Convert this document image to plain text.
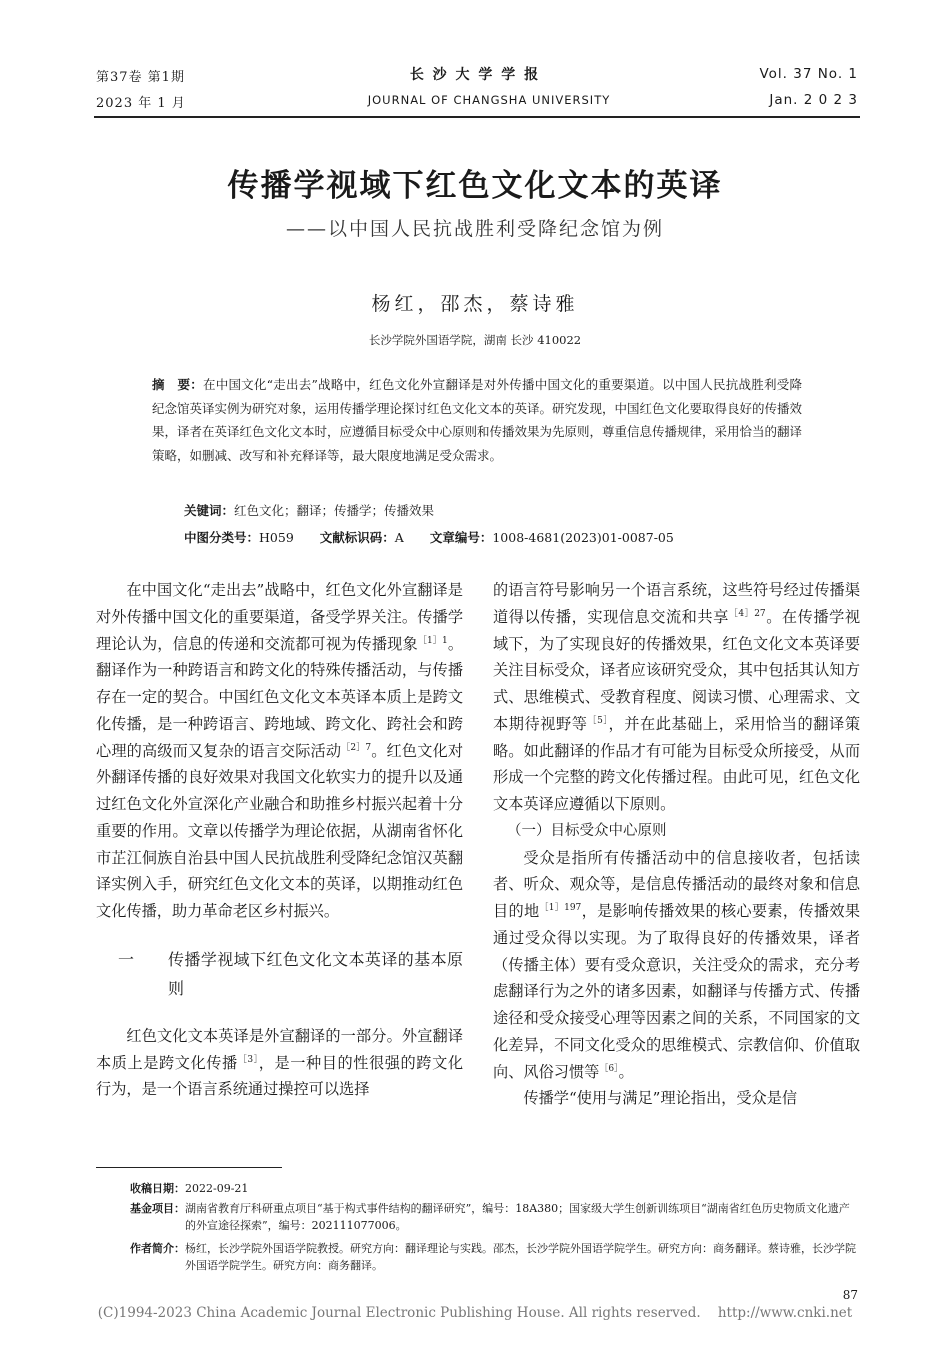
第37卷 第1期
2023 年 1 月
长 沙 大 学 学 报
JOURNAL OF CHANGSHA UNIVERSITY
Vol. 37 No. 1
Jan. 2 0 2 3
传播学视域下红色文化文本的英译
——以中国人民抗战胜利受降纪念馆为例
杨红，邵杰，蔡诗雅
长沙学院外国语学院，湖南 长沙 410022
摘　要：在中国文化“走出去”战略中，红色文化外宣翻译是对外传播中国文化的重要渠道。以中国人民抗战胜利受降纪念馆英译实例为研究对象，运用传播学理论探讨红色文化文本的英译。研究发现，中国红色文化要取得良好的传播效果，译者在英译红色文化文本时，应遵循目标受众中心原则和传播效果为先原则，尊重信息传播规律，采用恰当的翻译策略，如删减、改写和补充释译等，最大限度地满足受众需求。
关键词：红色文化；翻译；传播学；传播效果
中图分类号：H059 文献标识码：A 文章编号：1008-4681(2023)01-0087-05

在中国文化“走出去”战略中，红色文化外宣翻译是对外传播中国文化的重要渠道，备受学界关注。传播学理论认为，信息的传递和交流都可视为传播现象$^{[1]1}$。翻译作为一种跨语言和跨文化的特殊传播活动，与传播存在一定的契合。中国红色文化文本英译本质上是跨文化传播，是一种跨语言、跨地域、跨文化、跨社会和跨心理的高级而又复杂的语言交际活动$^{[2]7}$。红色文化对外翻译传播的良好效果对我国文化软实力的提升以及通过红色文化外宣深化产业融合和助推乡村振兴起着十分重要的作用。文章以传播学为理论依据，从湖南省怀化市芷江侗族自治县中国人民抗战胜利受降纪念馆汉英翻译实例入手，研究红色文化文本的英译，以期推动红色文化传播，助力革命老区乡村振兴。

一	传播学视域下红色文化文本英译的基本原则

红色文化文本英译是外宣翻译的一部分。外宣翻译本质上是跨文化传播$^{[3]}$，是一种目的性很强的跨文化行为，是一个语言系统通过操控可以选择

的语言符号影响另一个语言系统，这些符号经过传播渠道得以传播，实现信息交流和共享$^{[4]27}$。在传播学视域下，为了实现良好的传播效果，红色文化文本英译要关注目标受众，译者应该研究受众，其中包括其认知方式、思维模式、受教育程度、阅读习惯、心理需求、文本期待视野等$^{[5]}$，并在此基础上，采用恰当的翻译策略。如此翻译的作品才有可能为目标受众所接受，从而形成一个完整的跨文化传播过程。由此可见，红色文化文本英译应遵循以下原则。

（一）目标受众中心原则

受众是指所有传播活动中的信息接收者，包括读者、听众、观众等，是信息传播活动的最终对象和信息目的地$^{[1]197}$，是影响传播效果的核心要素，传播效果通过受众得以实现。为了取得良好的传播效果，译者（传播主体）要有受众意识，关注受众的需求，充分考虑翻译行为之外的诸多因素，如翻译与传播方式、传播途径和受众接受心理等因素之间的关系，不同国家的文化差异，不同文化受众的思维模式、宗教信仰、价值取向、风俗习惯等$^{[6]}$。

传播学“使用与满足”理论指出，受众是信

收稿日期：2022-09-21
基金项目： 湖南省教育厅科研重点项目“基于构式事件结构的翻译研究”，编号：18A380；国家级大学生创新训练项目“湖南省红色历史物质文化遗产的外宣途径探索”，编号：202111077006。
作者简介： 杨红，长沙学院外国语学院教授。研究方向：翻译理论与实践。邵杰，长沙学院外国语学院学生。研究方向：商务翻译。蔡诗雅，长沙学院外国语学院学生。研究方向：商务翻译。
87
(C)1994-2023 China Academic Journal Electronic Publishing House. All rights reserved.    http://www.cnki.net
